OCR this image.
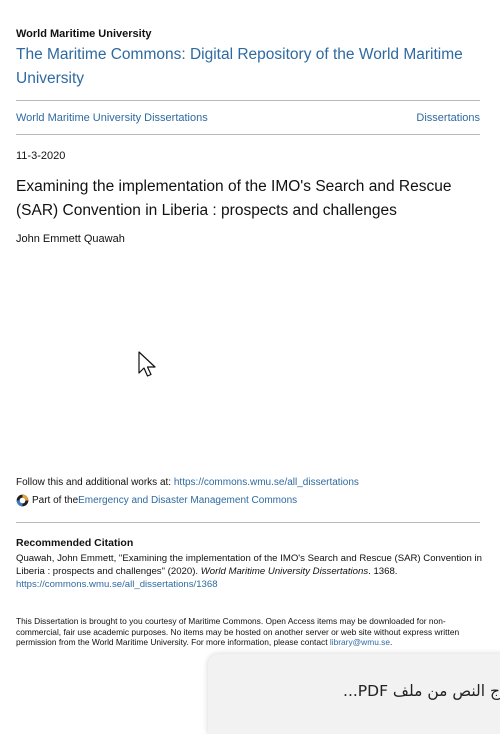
World Maritime University
The Maritime Commons: Digital Repository of the World Maritime University
World Maritime University Dissertations	Dissertations
11-3-2020
Examining the implementation of the IMO's Search and Rescue (SAR) Convention in Liberia : prospects and challenges
John Emmett Quawah
Follow this and additional works at: https://commons.wmu.se/all_dissertations
Part of the Emergency and Disaster Management Commons
Recommended Citation
Quawah, John Emmett, "Examining the implementation of the IMO's Search and Rescue (SAR) Convention in Liberia : prospects and challenges" (2020). World Maritime University Dissertations. 1368.
https://commons.wmu.se/all_dissertations/1368
This Dissertation is brought to you courtesy of Maritime Commons. Open Access items may be downloaded for non-commercial, fair use academic purposes. No items may be hosted on another server or web site without express written permission from the World Maritime University. For more information, please contact library@wmu.se.
ج النص من ملف PDF...
